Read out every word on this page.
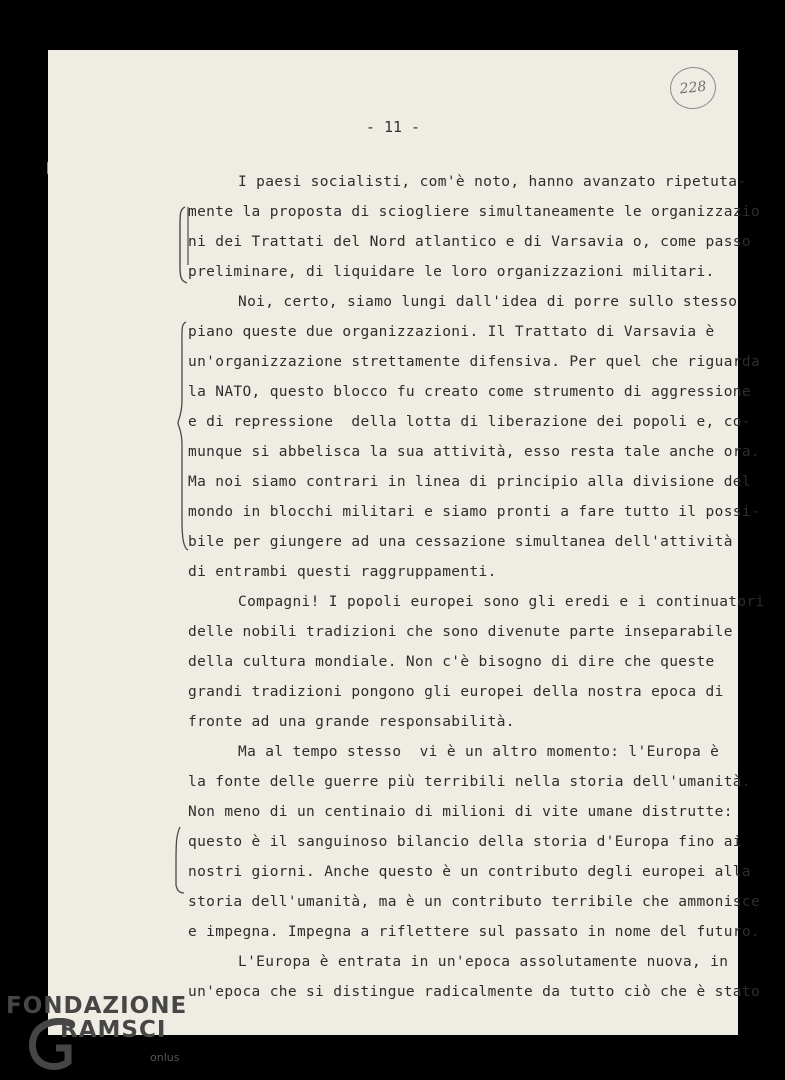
228
- 11 -
I paesi socialisti, com'è noto, hanno avanzato ripetuta-
mente la proposta di sciogliere simultaneamente le organizzazio
ni dei Trattati del Nord atlantico e di Varsavia o, come passo
preliminare, di liquidare le loro organizzazioni militari.
Noi, certo, siamo lungi dall'idea di porre sullo stesso
piano queste due organizzazioni. Il Trattato di Varsavia è
un'organizzazione strettamente difensiva. Per quel che riguarda
la NATO, questo blocco fu creato come strumento di aggressione
e di repressione  della lotta di liberazione dei popoli e, co-
munque si abbelisca la sua attività, esso resta tale anche ora.
Ma noi siamo contrari in linea di principio alla divisione del
mondo in blocchi militari e siamo pronti a fare tutto il possi-
bile per giungere ad una cessazione simultanea dell'attività
di entrambi questi raggruppamenti.
Compagni! I popoli europei sono gli eredi e i continuatori
delle nobili tradizioni che sono divenute parte inseparabile
della cultura mondiale. Non c'è bisogno di dire che queste
grandi tradizioni pongono gli europei della nostra epoca di
fronte ad una grande responsabilità.
Ma al tempo stesso  vi è un altro momento: l'Europa è
la fonte delle guerre più terribili nella storia dell'umanità.
Non meno di un centinaio di milioni di vite umane distrutte:
questo è il sanguinoso bilancio della storia d'Europa fino ai
nostri giorni. Anche questo è un contributo degli europei alla
storia dell'umanità, ma è un contributo terribile che ammonisce
e impegna. Impegna a riflettere sul passato in nome del futuro.
L'Europa è entrata in un'epoca assolutamente nuova, in
un'epoca che si distingue radicalmente da tutto ciò che è stato
FONDAZIONE
RAMSCI
onlus
